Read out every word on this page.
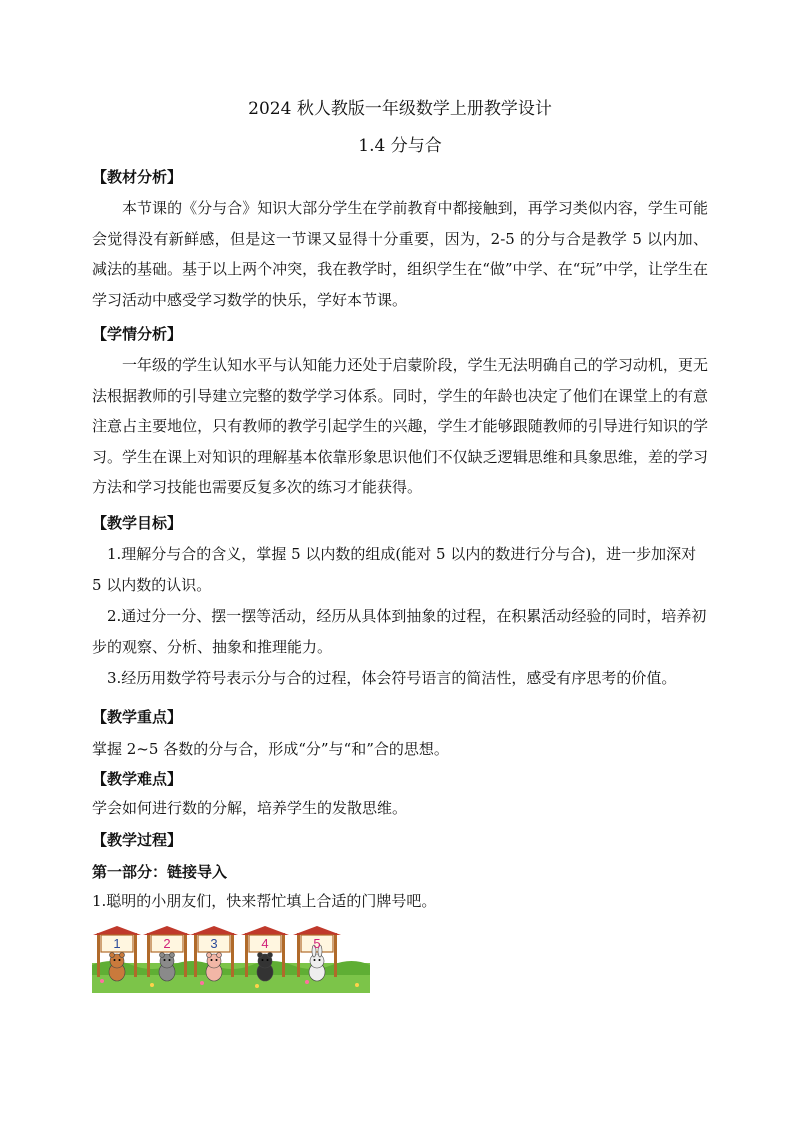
2024 秋人教版一年级数学上册教学设计
1.4 分与合
【教材分析】
本节课的《分与合》知识大部分学生在学前教育中都接触到，再学习类似内容，学生可能会觉得没有新鲜感，但是这一节课又显得十分重要，因为，2-5 的分与合是教学 5 以内加、减法的基础。基于以上两个冲突，我在教学时，组织学生在“做”中学、在“玩”中学，让学生在学习活动中感受学习数学的快乐，学好本节课。
【学情分析】
一年级的学生认知水平与认知能力还处于启蒙阶段，学生无法明确自己的学习动机，更无法根据教师的引导建立完整的数学学习体系。同时，学生的年龄也决定了他们在课堂上的有意注意占主要地位，只有教师的教学引起学生的兴趣，学生才能够跟随教师的引导进行知识的学习。学生在课上对知识的理解基本依靠形象思识他们不仅缺乏逻辑思维和具象思维，差的学习方法和学习技能也需要反复多次的练习才能获得。
【教学目标】
1.理解分与合的含义，掌握 5 以内数的组成(能对 5 以内的数进行分与合)，进一步加深对 5 以内数的认识。
2.通过分一分、摆一摆等活动，经历从具体到抽象的过程，在积累活动经验的同时，培养初步的观察、分析、抽象和推理能力。
3.经历用数学符号表示分与合的过程，体会符号语言的简洁性，感受有序思考的价值。
【教学重点】
掌握 2~5 各数的分与合，形成“分”与“和”合的思想。
【教学难点】
学会如何进行数的分解，培养学生的发散思维。
【教学过程】
第一部分：链接导入
1.聪明的小朋友们，快来帮忙填上合适的门牌号吧。
1	2	3	4	5
